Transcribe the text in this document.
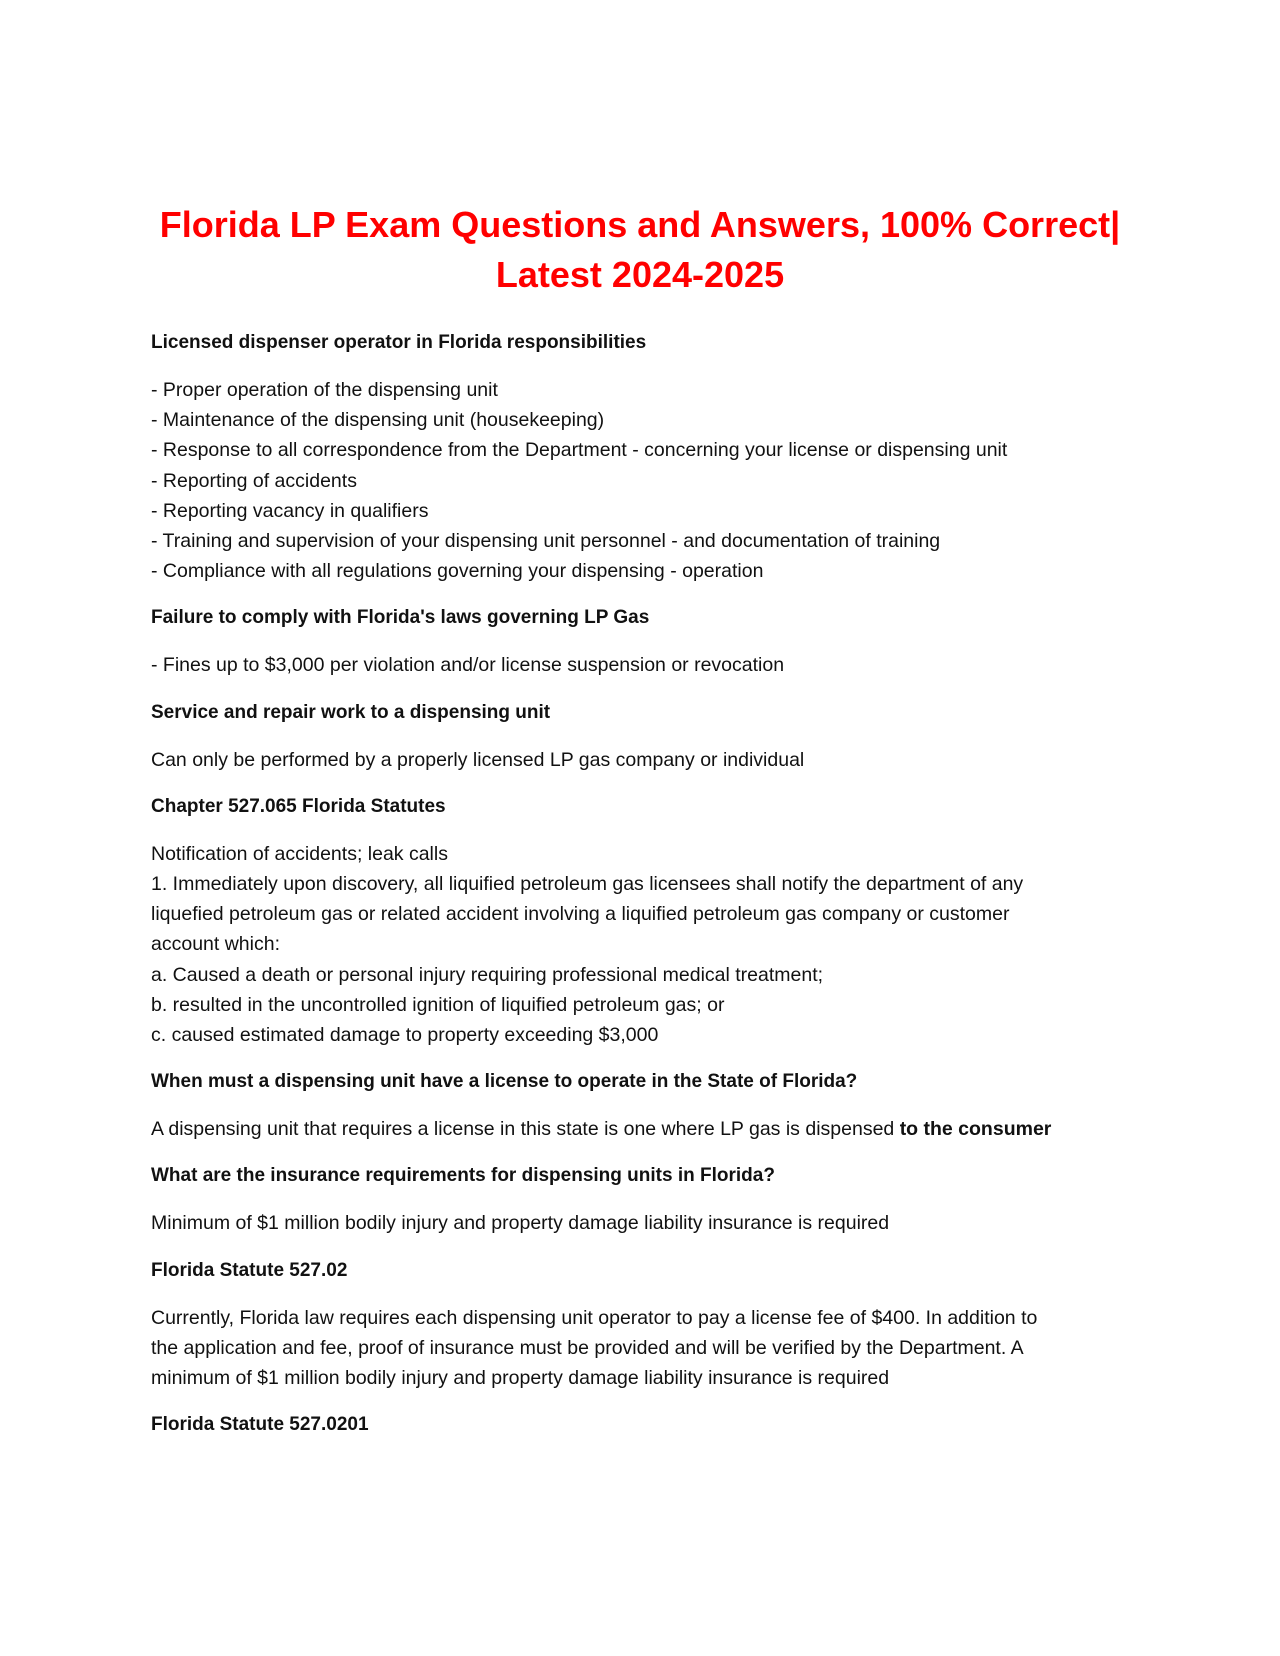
Florida LP Exam Questions and Answers, 100% Correct|
Latest 2024-2025

Licensed dispenser operator in Florida responsibilities

- Proper operation of the dispensing unit
- Maintenance of the dispensing unit (housekeeping)
- Response to all correspondence from the Department - concerning your license or dispensing unit
- Reporting of accidents
- Reporting vacancy in qualifiers
- Training and supervision of your dispensing unit personnel - and documentation of training
- Compliance with all regulations governing your dispensing - operation

Failure to comply with Florida's laws governing LP Gas

- Fines up to $3,000 per violation and/or license suspension or revocation

Service and repair work to a dispensing unit

Can only be performed by a properly licensed LP gas company or individual

Chapter 527.065 Florida Statutes

Notification of accidents; leak calls
1. Immediately upon discovery, all liquified petroleum gas licensees shall notify the department of any
liquefied petroleum gas or related accident involving a liquified petroleum gas company or customer
account which:
a. Caused a death or personal injury requiring professional medical treatment;
b. resulted in the uncontrolled ignition of liquified petroleum gas; or
c. caused estimated damage to property exceeding $3,000

When must a dispensing unit have a license to operate in the State of Florida?

A dispensing unit that requires a license in this state is one where LP gas is dispensed to the consumer

What are the insurance requirements for dispensing units in Florida?

Minimum of $1 million bodily injury and property damage liability insurance is required

Florida Statute 527.02

Currently, Florida law requires each dispensing unit operator to pay a license fee of $400. In addition to
the application and fee, proof of insurance must be provided and will be verified by the Department. A
minimum of $1 million bodily injury and property damage liability insurance is required

Florida Statute 527.0201
